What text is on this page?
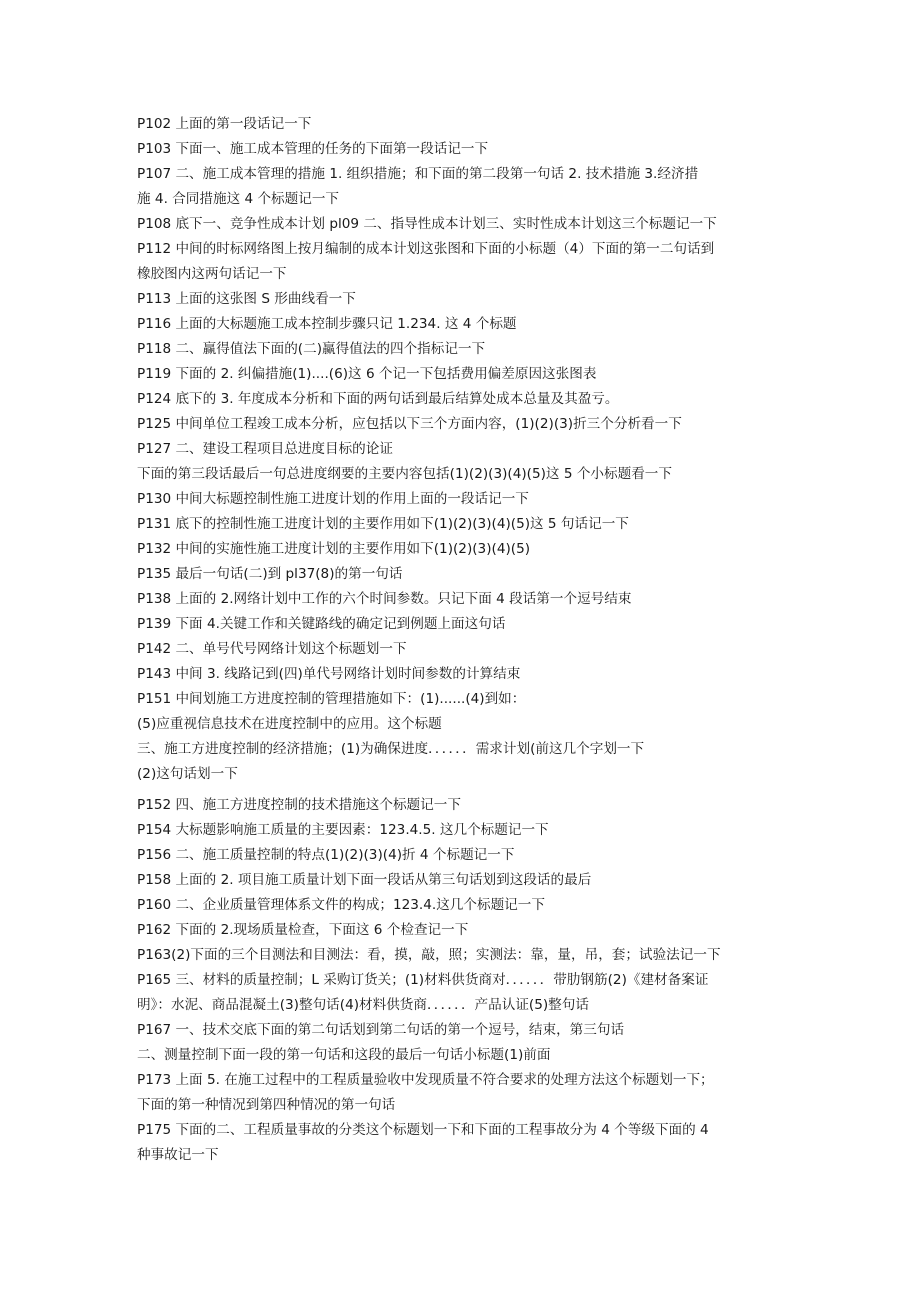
P102 上面的第一段话记一下
P103 下面一、施工成本管理的任务的下面第一段话记一下
P107 二、施工成本管理的措施 1. 组织措施；和下面的第二段第一句话 2. 技术措施 3.经济措
施 4. 合同措施这 4 个标题记一下
P108 底下一、竞争性成本计划 pl09 二、指导性成本计划三、实时性成本计划这三个标题记一下
P112 中间的时标网络图上按月编制的成本计划这张图和下面的小标题（4）下面的第一二句话到
橡胶图内这两句话记一下
P113 上面的这张图 S 形曲线看一下
P116 上面的大标题施工成本控制步骤只记 1.234. 这 4 个标题
P118 二、赢得值法下面的(二)赢得值法的四个指标记一下
P119 下面的 2. 纠偏措施(1)....(6)这 6 个记一下包括费用偏差原因这张图表
P124 底下的 3. 年度成本分析和下面的两句话到最后结算处成本总量及其盈亏。
P125 中间单位工程竣工成本分析，应包括以下三个方面内容，(1)(2)(3)折三个分析看一下
P127 二、建设工程项目总进度目标的论证
下面的第三段话最后一句总进度纲要的主要内容包括(1)(2)(3)(4)(5)这 5 个小标题看一下
P130 中间大标题控制性施工进度计划的作用上面的一段话记一下
P131 底下的控制性施工进度计划的主要作用如下(1)(2)(3)(4)(5)这 5 句话记一下
P132 中间的实施性施工进度计划的主要作用如下(1)(2)(3)(4)(5)
P135 最后一句话(二)到 pl37(8)的第一句话
P138 上面的 2.网络计划中工作的六个时间参数。只记下面 4 段话第一个逗号结束
P139 下面 4.关键工作和关键路线的确定记到例题上面这句话
P142 二、单号代号网络计划这个标题划一下
P143 中间 3. 线路记到(四)单代号网络计划时间参数的计算结束
P151 中间划施工方进度控制的管理措施如下：(1)......(4)到如：
(5)应重视信息技术在进度控制中的应用。这个标题
三、施工方进度控制的经济措施；(1)为确保进度．．．．．．需求计划(前这几个字划一下
(2)这句话划一下
P152 四、施工方进度控制的技术措施这个标题记一下
P154 大标题影响施工质量的主要因素：123.4.5. 这几个标题记一下
P156 二、施工质量控制的特点(1)(2)(3)(4)折 4 个标题记一下
P158 上面的 2. 项目施工质量计划下面一段话从第三句话划到这段话的最后
P160 二、企业质量管理体系文件的构成；123.4.这几个标题记一下
P162 下面的 2.现场质量检查，下面这 6 个检查记一下
P163(2)下面的三个目测法和目测法：看，摸，敲，照；实测法：靠，量，吊，套；试验法记一下
P165 三、材料的质量控制；L 采购订货关；(1)材料供货商对．．．．．．带肋钢筋(2)《建材备案证
明》：水泥、商品混凝土(3)整句话(4)材料供货商．．．．．．产品认证(5)整句话
P167 一、技术交底下面的第二句话划到第二句话的第一个逗号，结束，第三句话
二、测量控制下面一段的第一句话和这段的最后一句话小标题(1)前面
P173 上面 5. 在施工过程中的工程质量验收中发现质量不符合要求的处理方法这个标题划一下；
下面的第一种情况到第四种情况的第一句话
P175 下面的二、工程质量事故的分类这个标题划一下和下面的工程事故分为 4 个等级下面的 4
种事故记一下
